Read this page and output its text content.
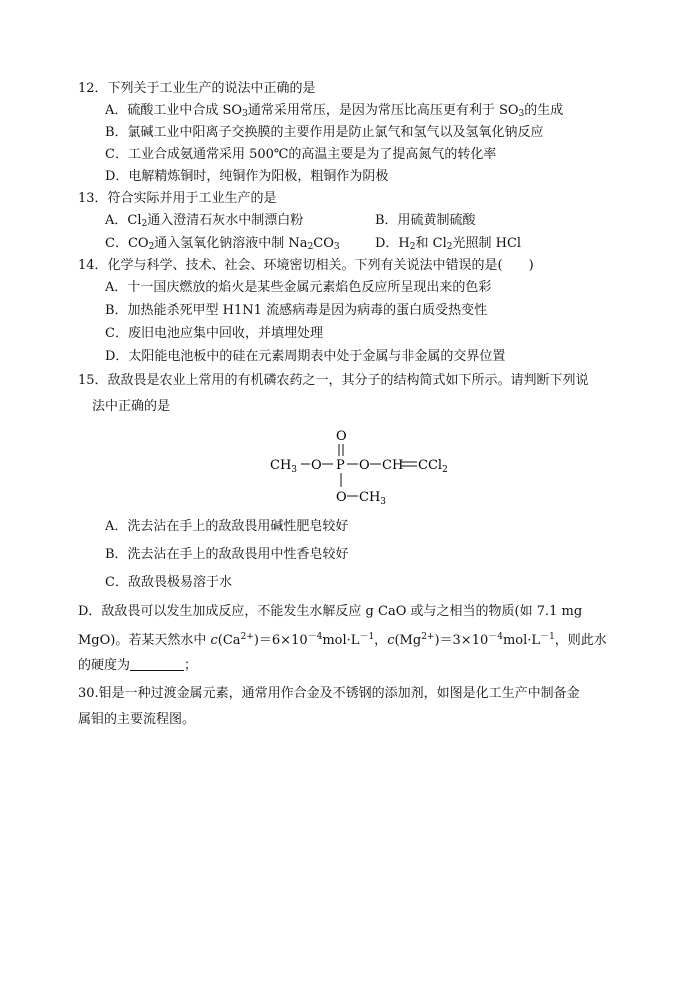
12．下列关于工业生产的说法中正确的是
A．硫酸工业中合成 $SO_3$通常采用常压，是因为常压比高压更有利于 $SO_3$的生成
B．氯碱工业中阳离子交换膜的主要作用是防止氯气和氢气以及氢氧化钠反应
C．工业合成氨通常采用 500℃的高温主要是为了提高氮气的转化率
D．电解精炼铜时，纯铜作为阳极，粗铜作为阴极
13．符合实际并用于工业生产的是
A．$Cl_2$通入澄清石灰水中制漂白粉	B．用硫黄制硫酸
C．$CO_2$通入氢氧化钠溶液中制 $Na_2CO_3$	D．$H_2$和 $Cl_2$光照制 HCl
14．化学与科学、技术、社会、环境密切相关。下列有关说法中错误的是(　　)
A．十一国庆燃放的焰火是某些金属元素焰色反应所呈现出来的色彩
B．加热能杀死甲型 H1N1 流感病毒是因为病毒的蛋白质受热变性
C．废旧电池应集中回收，并填埋处理
D．太阳能电池板中的硅在元素周期表中处于金属与非金属的交界位置
15．敌敌畏是农业上常用的有机磷农药之一，其分子的结构简式如下所示。请判断下列说
法中正确的是
O
$CH_3$ O P O CH CCl$_2$
O $CH_3$
A．洗去沾在手上的敌敌畏用碱性肥皂较好
B．洗去沾在手上的敌敌畏用中性香皂较好
C．敌敌畏极易溶于水
D．敌敌畏可以发生加成反应，不能发生水解反应 g CaO 或与之相当的物质(如 7.1 mg
MgO)。若某天然水中 $c(Ca^{2+})=6\times 10^{-4}mol\cdot L^{-1}$，$c(Mg^{2+})=3\times 10^{-4}mol\cdot L^{-1}$，则此水
的硬度为	；
30.钼是一种过渡金属元素，通常用作合金及不锈钢的添加剂，如图是化工生产中制备金
属钼的主要流程图。
